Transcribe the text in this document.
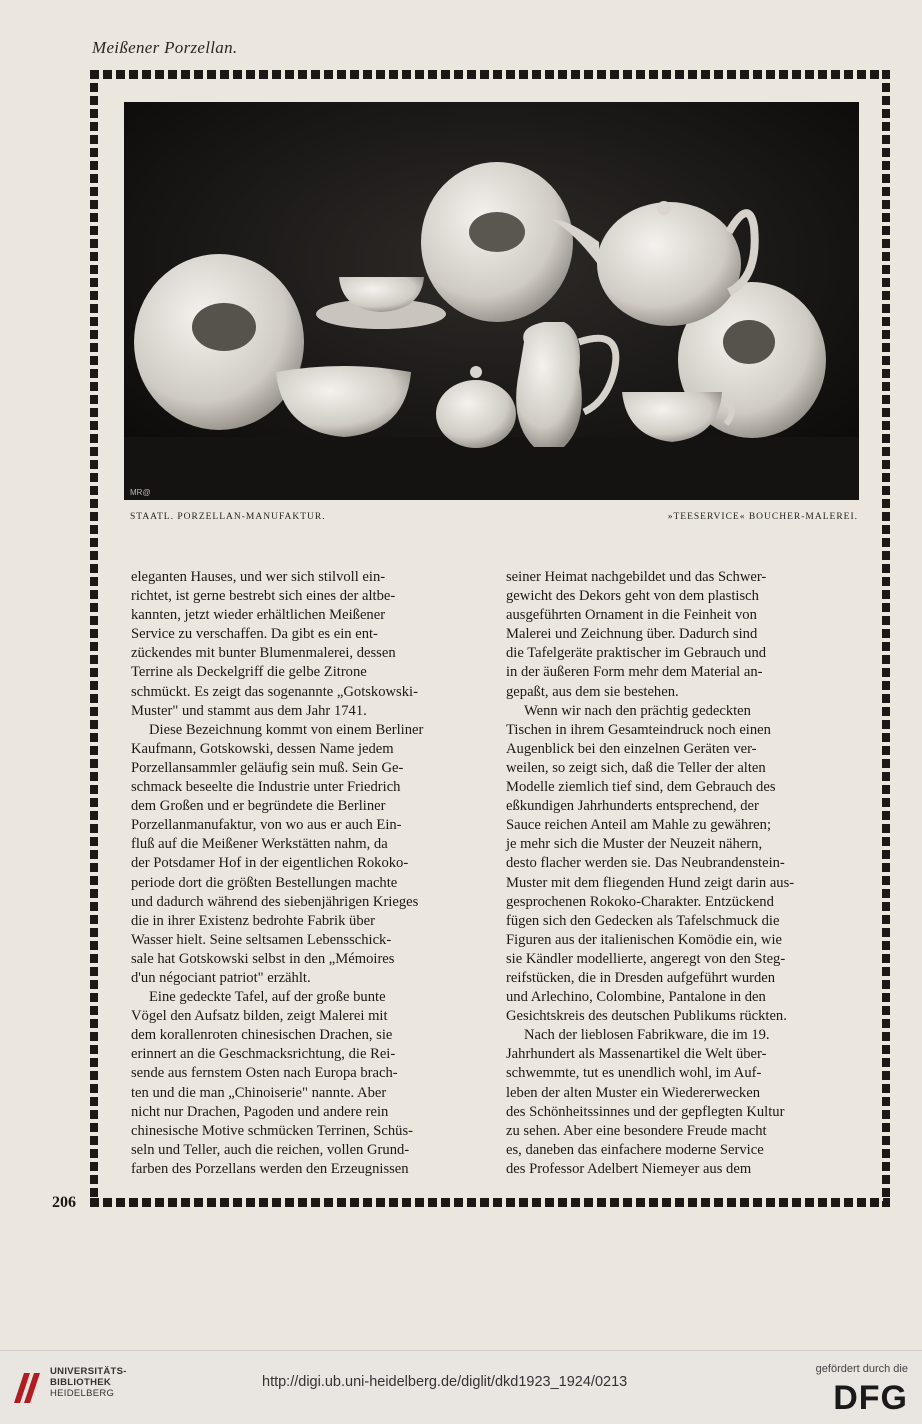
Meißener Porzellan.
MR@
STAATL. PORZELLAN-MANUFAKTUR.	»TEESERVICE« BOUCHER-MALEREI.

eleganten Hauses, und wer sich stilvoll ein-

richtet, ist gerne bestrebt sich eines der altbe-

kannten, jetzt wieder erhältlichen Meißener

Service zu verschaffen. Da gibt es ein ent-

zückendes mit bunter Blumenmalerei, dessen

Terrine als Deckelgriff die gelbe Zitrone

schmückt. Es zeigt das sogenannte „Gotskowski-

Muster" und stammt aus dem Jahr 1741.

Diese Bezeichnung kommt von einem Berliner

Kaufmann, Gotskowski, dessen Name jedem

Porzellansammler geläufig sein muß. Sein Ge-

schmack beseelte die Industrie unter Friedrich

dem Großen und er begründete die Berliner

Porzellanmanufaktur, von wo aus er auch Ein-

fluß auf die Meißener Werkstätten nahm, da

der Potsdamer Hof in der eigentlichen Rokoko-

periode dort die größten Bestellungen machte

und dadurch während des siebenjährigen Krieges

die in ihrer Existenz bedrohte Fabrik über

Wasser hielt. Seine seltsamen Lebensschick-

sale hat Gotskowski selbst in den „Mémoires

d'un négociant patriot" erzählt.

Eine gedeckte Tafel, auf der große bunte

Vögel den Aufsatz bilden, zeigt Malerei mit

dem korallenroten chinesischen Drachen, sie

erinnert an die Geschmacksrichtung, die Rei-

sende aus fernstem Osten nach Europa brach-

ten und die man „Chinoiserie" nannte. Aber

nicht nur Drachen, Pagoden und andere rein

chinesische Motive schmücken Terrinen, Schüs-

seln und Teller, auch die reichen, vollen Grund-

farben des Porzellans werden den Erzeugnissen

seiner Heimat nachgebildet und das Schwer-

gewicht des Dekors geht von dem plastisch

ausgeführten Ornament in die Feinheit von

Malerei und Zeichnung über. Dadurch sind

die Tafelgeräte praktischer im Gebrauch und

in der äußeren Form mehr dem Material an-

gepaßt, aus dem sie bestehen.

Wenn wir nach den prächtig gedeckten

Tischen in ihrem Gesamteindruck noch einen

Augenblick bei den einzelnen Geräten ver-

weilen, so zeigt sich, daß die Teller der alten

Modelle ziemlich tief sind, dem Gebrauch des

eßkundigen Jahrhunderts entsprechend, der

Sauce reichen Anteil am Mahle zu gewähren;

je mehr sich die Muster der Neuzeit nähern,

desto flacher werden sie. Das Neubrandenstein-

Muster mit dem fliegenden Hund zeigt darin aus-

gesprochenen Rokoko-Charakter. Entzückend

fügen sich den Gedecken als Tafelschmuck die

Figuren aus der italienischen Komödie ein, wie

sie Kändler modellierte, angeregt von den Steg-

reifstücken, die in Dresden aufgeführt wurden

und Arlechino, Colombine, Pantalone in den

Gesichtskreis des deutschen Publikums rückten.

Nach der lieblosen Fabrikware, die im 19.

Jahrhundert als Massenartikel die Welt über-

schwemmte, tut es unendlich wohl, im Auf-

leben der alten Muster ein Wiedererwecken

des Schönheitssinnes und der gepflegten Kultur

zu sehen. Aber eine besondere Freude macht

es, daneben das einfachere moderne Service

des Professor Adelbert Niemeyer aus dem

206
UNIVERSITÄTS-
BIBLIOTHEK
HEIDELBERG
http://digi.ub.uni-heidelberg.de/diglit/dkd1923_1924/0213
gefördert durch die
DFG
